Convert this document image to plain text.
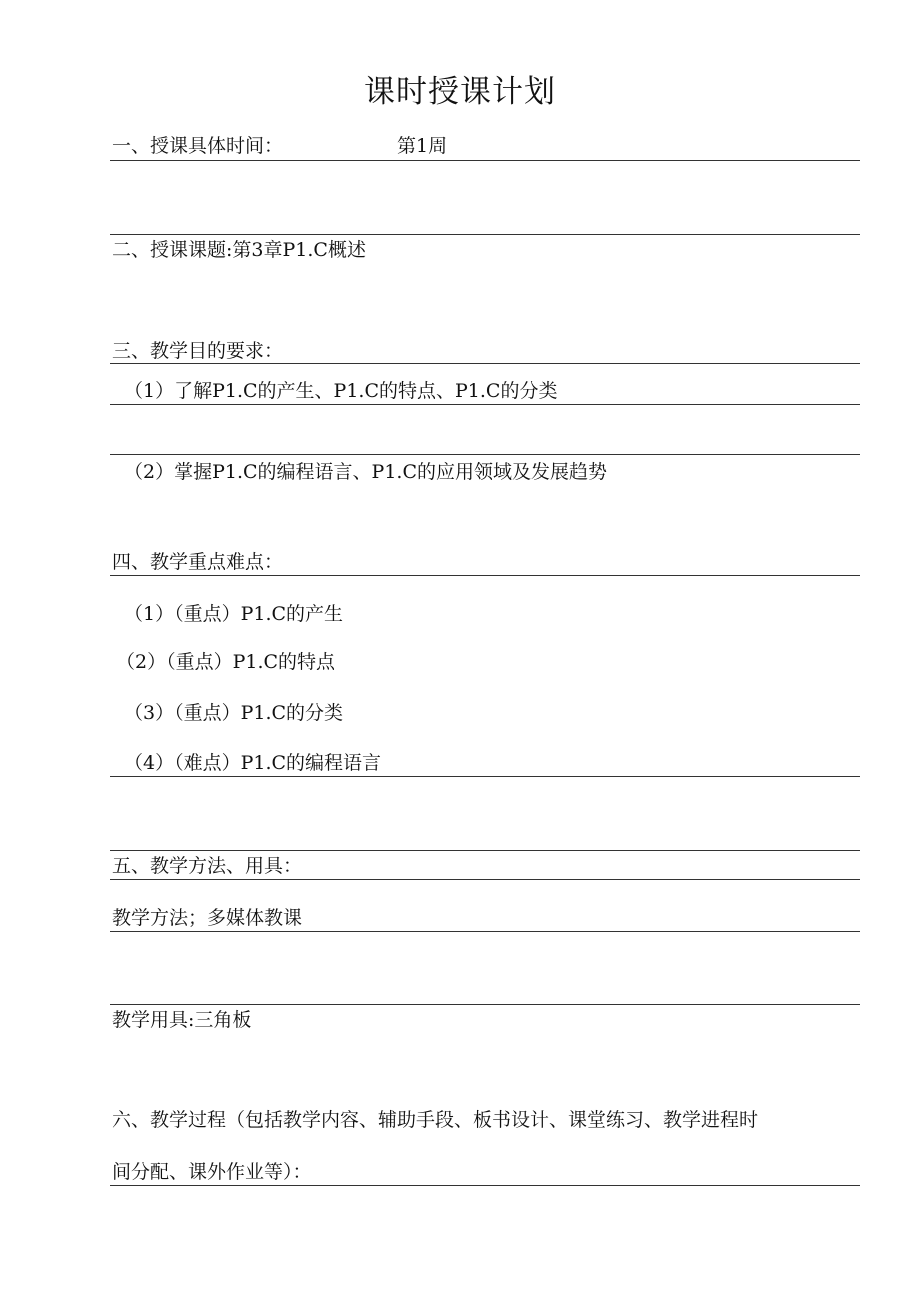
课时授课计划
一、授课具体时间：	第1周
二、授课课题:第3章P1.C概述
三、教学目的要求：
（1）了解P1.C的产生、P1.C的特点、P1.C的分类
（2）掌握P1.C的编程语言、P1.C的应用领域及发展趋势
四、教学重点难点：
（1）（重点）P1.C的产生
（2）（重点）P1.C的特点
（3）（重点）P1.C的分类
（4）（难点）P1.C的编程语言
五、教学方法、用具：
教学方法；多媒体教课
教学用具:三角板
六、教学过程（包括教学内容、辅助手段、板书设计、课堂练习、教学进程时
间分配、课外作业等）：
